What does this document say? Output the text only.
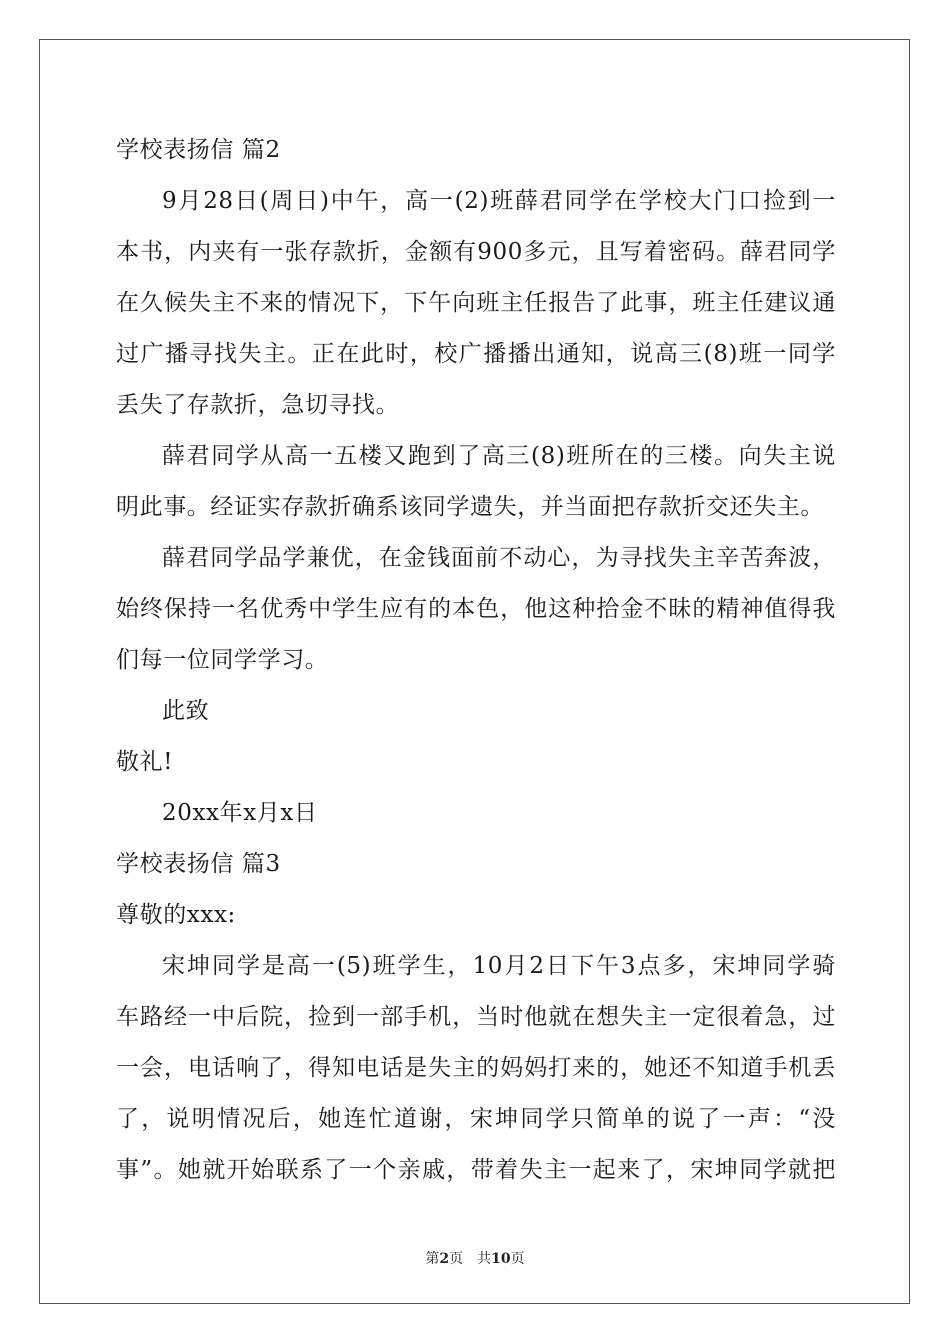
学校表扬信 篇2
9月28日(周日)中午，高一(2)班薛君同学在学校大门口捡到一
本书，内夹有一张存款折，金额有900多元，且写着密码。薛君同学
在久候失主不来的情况下，下午向班主任报告了此事，班主任建议通
过广播寻找失主。正在此时，校广播播出通知，说高三(8)班一同学
丢失了存款折，急切寻找。
薛君同学从高一五楼又跑到了高三(8)班所在的三楼。向失主说
明此事。经证实存款折确系该同学遗失，并当面把存款折交还失主。
薛君同学品学兼优，在金钱面前不动心，为寻找失主辛苦奔波，
始终保持一名优秀中学生应有的本色，他这种拾金不昧的精神值得我
们每一位同学学习。
此致
敬礼!
20xx年x月x日
学校表扬信 篇3
尊敬的xxx:
宋坤同学是高一(5)班学生，10月2日下午3点多，宋坤同学骑
车路经一中后院，捡到一部手机，当时他就在想失主一定很着急，过
一会，电话响了，得知电话是失主的妈妈打来的，她还不知道手机丢
了，说明情况后，她连忙道谢，宋坤同学只简单的说了一声：“没
事”。她就开始联系了一个亲戚，带着失主一起来了，宋坤同学就把
第2页　共10页
